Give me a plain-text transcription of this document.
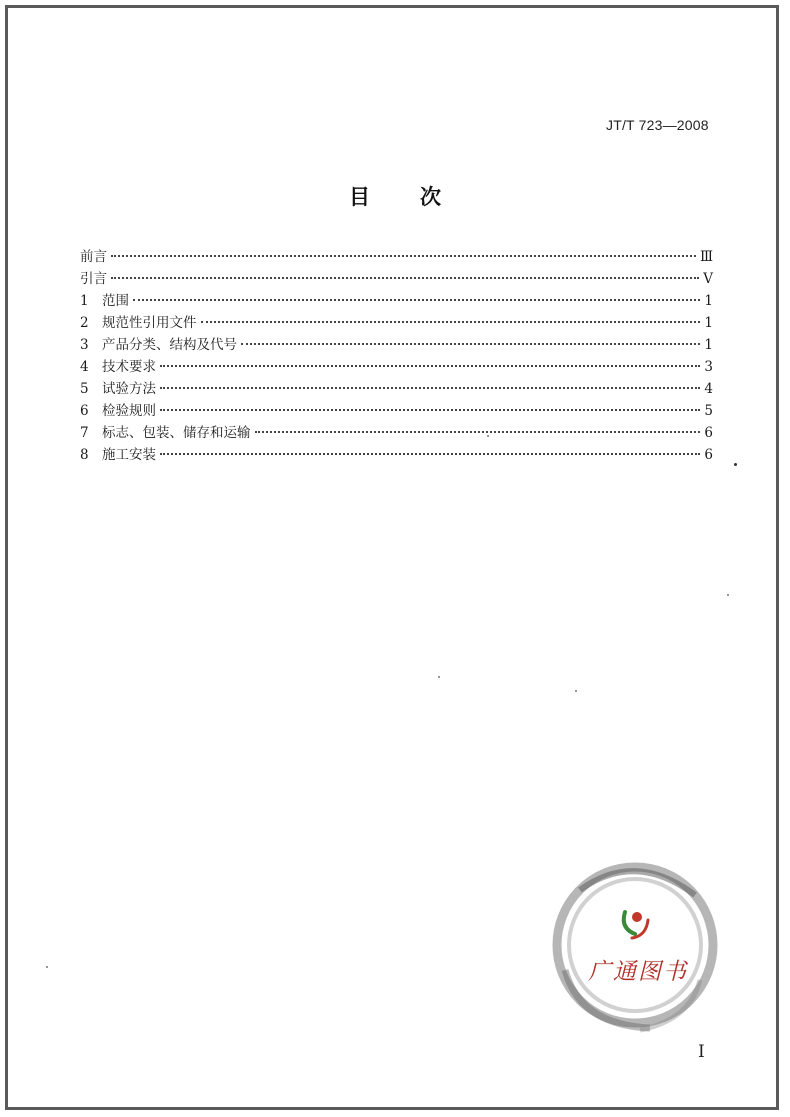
JT/T 723—2008
目 次
前言	Ⅲ
引言	Ⅴ
1 范围	1
2 规范性引用文件	1
3 产品分类、结构及代号	1
4 技术要求	3
5 试验方法	4
6 检验规则	5
7 标志、包装、储存和运输	6
8 施工安装	6
广通图书
I
